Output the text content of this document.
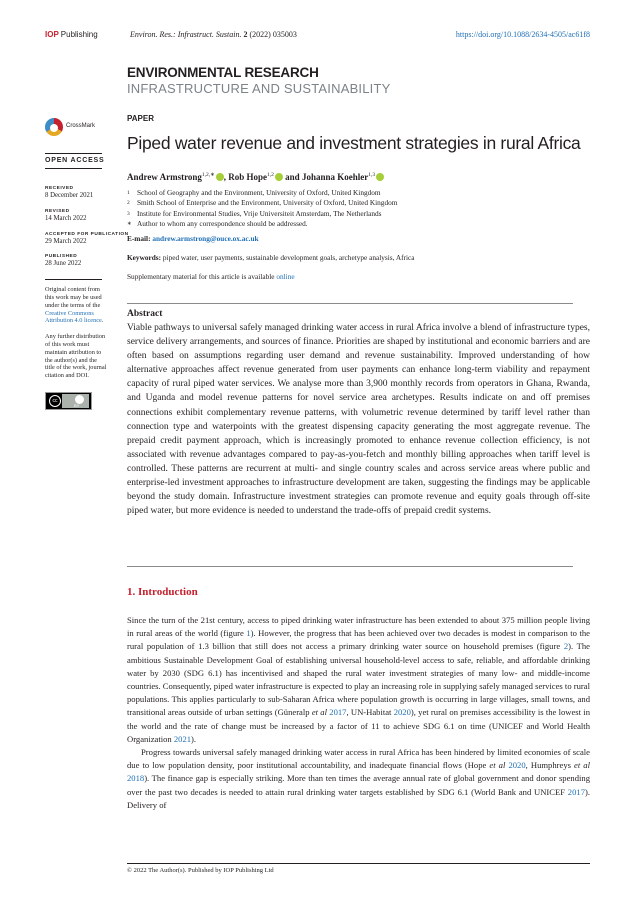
IOP Publishing	Environ. Res.: Infrastruct. Sustain. 2 (2022) 035003	https://doi.org/10.1088/2634-4505/ac61f8
ENVIRONMENTAL RESEARCH
INFRASTRUCTURE AND SUSTAINABILITY
CrossMark
OPEN ACCESS
RECEIVED
8 December 2021
REVISED
14 March 2022
ACCEPTED FOR PUBLICATION
29 March 2022
PUBLISHED
28 June 2022
Original content from this work may be used under the terms of the Creative Commons Attribution 4.0 licence.
Any further distribution of this work must maintain attribution to the author(s) and the title of the work, journal citation and DOI.
cc
BY
PAPER
Piped water revenue and investment strategies in rural Africa
Andrew Armstrong$^{1,2,∗}$ , Rob Hope$^{1,2}$ and Johanna Koehler$^{1,3}$
1 School of Geography and the Environment, University of Oxford, United Kingdom
2 Smith School of Enterprise and the Environment, University of Oxford, United Kingdom
3 Institute for Environmental Studies, Vrije Universiteit Amsterdam, The Netherlands
∗ Author to whom any correspondence should be addressed.
E-mail: andrew.armstrong@ouce.ox.ac.uk
Keywords: piped water, user payments, sustainable development goals, archetype analysis, Africa
Supplementary material for this article is available online
Abstract
Viable pathways to universal safely managed drinking water access in rural Africa involve a blend of infrastructure types, service delivery arrangements, and sources of finance. Priorities are shaped by institutional and economic barriers and are often based on assumptions regarding user demand and revenue sustainability. Improved understanding of how alternative approaches affect revenue generated from user payments can enhance long-term viability and repayment capacity of rural piped water services. We analyse more than 3,900 monthly records from operators in Ghana, Rwanda, and Uganda and model revenue patterns for novel service area archetypes. Results indicate on and off premises connections exhibit complementary revenue patterns, with volumetric revenue determined by tariff level rather than connection type and waterpoints with the greatest dispensing capacity generating the most aggregate revenue. The prepaid credit payment approach, which is increasingly promoted to enhance revenue collection efficiency, is not associated with revenue advantages compared to pay-as-you-fetch and monthly billing approaches when tariff level is controlled. These patterns are recurrent at multi- and single country scales and across service areas where public and enterprise-led investment approaches to infrastructure development are taken, suggesting the findings may be applicable beyond the study domain. Infrastructure investment strategies can promote revenue and equity goals through off-site piped water, but more evidence is needed to understand the trade-offs of prepaid credit systems.
1. Introduction

Since the turn of the 21st century, access to piped drinking water infrastructure has been extended to about 375 million people living in rural areas of the world (figure 1). However, the progress that has been achieved over two decades is modest in comparison to the rural population of 1.3 billion that still does not access a primary drinking water source on household premises (figure 2). The ambitious Sustainable Development Goal of establishing universal household-level access to safe, reliable, and affordable drinking water by 2030 (SDG 6.1) has incentivised and shaped the rural water investment strategies of many low- and middle-income countries. Consequently, piped water infrastructure is expected to play an increasing role in supplying safely managed services to rural populations. This applies particularly to sub-Saharan Africa where population growth is occurring in large villages, small towns, and transitional areas outside of urban settings (Güneralp et al 2017, UN-Habitat 2020), yet rural on premises accessibility is the lowest in the world and the rate of change must be increased by a factor of 11 to achieve SDG 6.1 on time (UNICEF and World Health Organization 2021).

Progress towards universal safely managed drinking water access in rural Africa has been hindered by limited economies of scale due to low population density, poor institutional accountability, and inadequate financial flows (Hope et al 2020, Humphreys et al 2018). The finance gap is especially striking. More than ten times the average annual rate of global government and donor spending over the past two decades is needed to attain rural drinking water targets established by SDG 6.1 (World Bank and UNICEF 2017). Delivery of

© 2022 The Author(s). Published by IOP Publishing Ltd
